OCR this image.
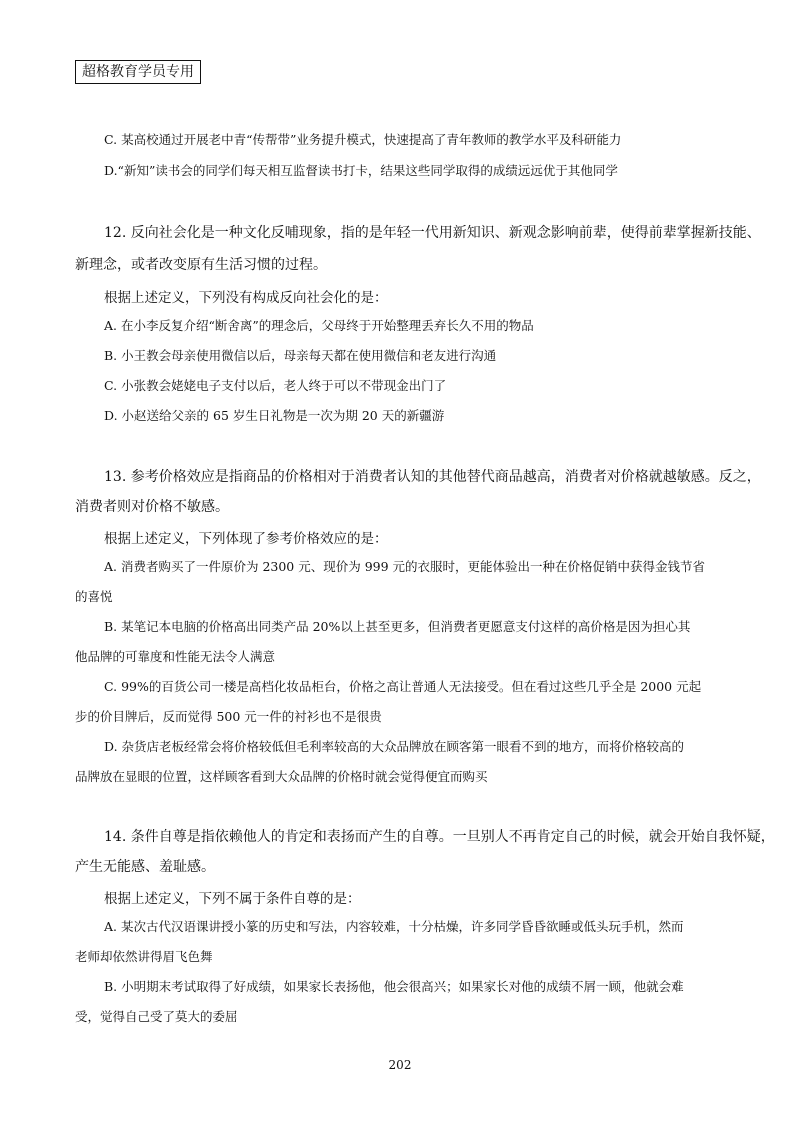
超格教育学员专用
C. 某高校通过开展老中青“传帮带”业务提升模式，快速提高了青年教师的教学水平及科研能力
D.“新知”读书会的同学们每天相互监督读书打卡，结果这些同学取得的成绩远远优于其他同学
12. 反向社会化是一种文化反哺现象，指的是年轻一代用新知识、新观念影响前辈，使得前辈掌握新技能、
新理念，或者改变原有生活习惯的过程。
根据上述定义，下列没有构成反向社会化的是：
A. 在小李反复介绍“断舍离”的理念后，父母终于开始整理丢弃长久不用的物品
B. 小王教会母亲使用微信以后，母亲每天都在使用微信和老友进行沟通
C. 小张教会姥姥电子支付以后，老人终于可以不带现金出门了
D. 小赵送给父亲的 65 岁生日礼物是一次为期 20 天的新疆游
13. 参考价格效应是指商品的价格相对于消费者认知的其他替代商品越高，消费者对价格就越敏感。反之，
消费者则对价格不敏感。
根据上述定义，下列体现了参考价格效应的是：
A. 消费者购买了一件原价为 2300 元、现价为 999 元的衣服时，更能体验出一种在价格促销中获得金钱节省
的喜悦
B. 某笔记本电脑的价格高出同类产品 20%以上甚至更多，但消费者更愿意支付这样的高价格是因为担心其
他品牌的可靠度和性能无法令人满意
C. 99%的百货公司一楼是高档化妆品柜台，价格之高让普通人无法接受。但在看过这些几乎全是 2000 元起
步的价目牌后，反而觉得 500 元一件的衬衫也不是很贵
D. 杂货店老板经常会将价格较低但毛利率较高的大众品牌放在顾客第一眼看不到的地方，而将价格较高的
品牌放在显眼的位置，这样顾客看到大众品牌的价格时就会觉得便宜而购买
14. 条件自尊是指依赖他人的肯定和表扬而产生的自尊。一旦别人不再肯定自己的时候，就会开始自我怀疑，
产生无能感、羞耻感。
根据上述定义，下列不属于条件自尊的是：
A. 某次古代汉语课讲授小篆的历史和写法，内容较难，十分枯燥，许多同学昏昏欲睡或低头玩手机，然而
老师却依然讲得眉飞色舞
B. 小明期末考试取得了好成绩，如果家长表扬他，他会很高兴；如果家长对他的成绩不屑一顾，他就会难
受，觉得自己受了莫大的委屈
202
